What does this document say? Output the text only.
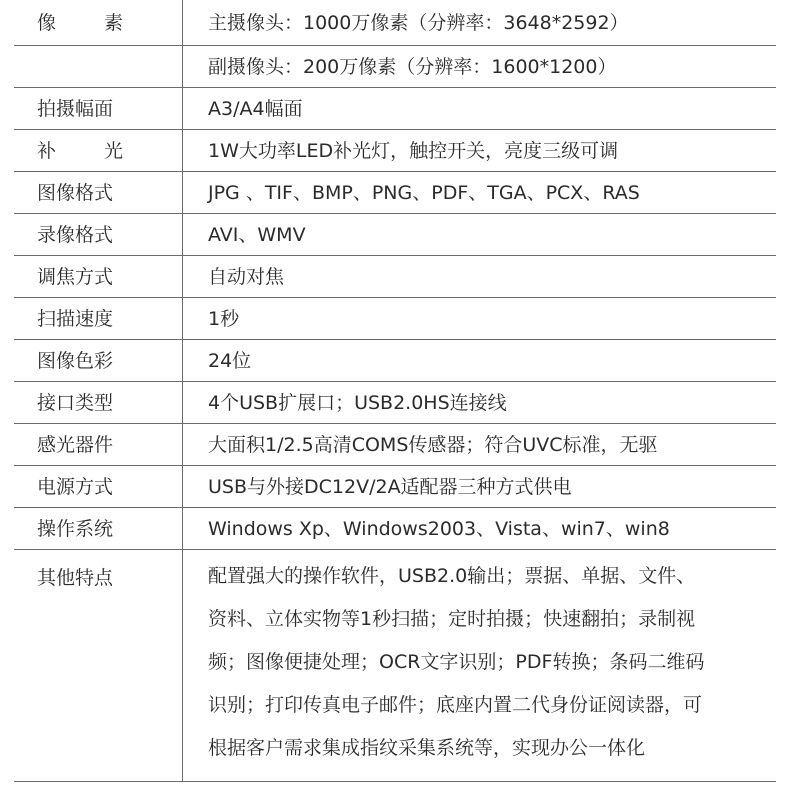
像 素	主摄像头：1000万像素（分辨率：3648*2592）
	副摄像头：200万像素（分辨率：1600*1200）
拍摄幅面	A3/A4幅面

补 光	1W大功率LED补光灯，触控开关，亮度三级可调
图像格式	JPG 、TIF、BMP、PNG、PDF、TGA、PCX、RAS
录像格式	AVI、WMV
调焦方式	自动对焦
扫描速度	1秒
图像色彩	24位
接口类型	4个USB扩展口；USB2.0HS连接线
感光器件	大面积1/2.5高清COMS传感器；符合UVC标准，无驱
电源方式	USB与外接DC12V/2A适配器三种方式供电
操作系统	Windows Xp、Windows2003、Vista、win7、win8
其他特点	配置强大的操作软件，USB2.0输出；票据、单据、文件、
资料、立体实物等1秒扫描；定时拍摄；快速翻拍；录制视
频；图像便捷处理；OCR文字识别；PDF转换；条码二维码
识别；打印传真电子邮件；底座内置二代身份证阅读器，可
根据客户需求集成指纹采集系统等，实现办公一体化
